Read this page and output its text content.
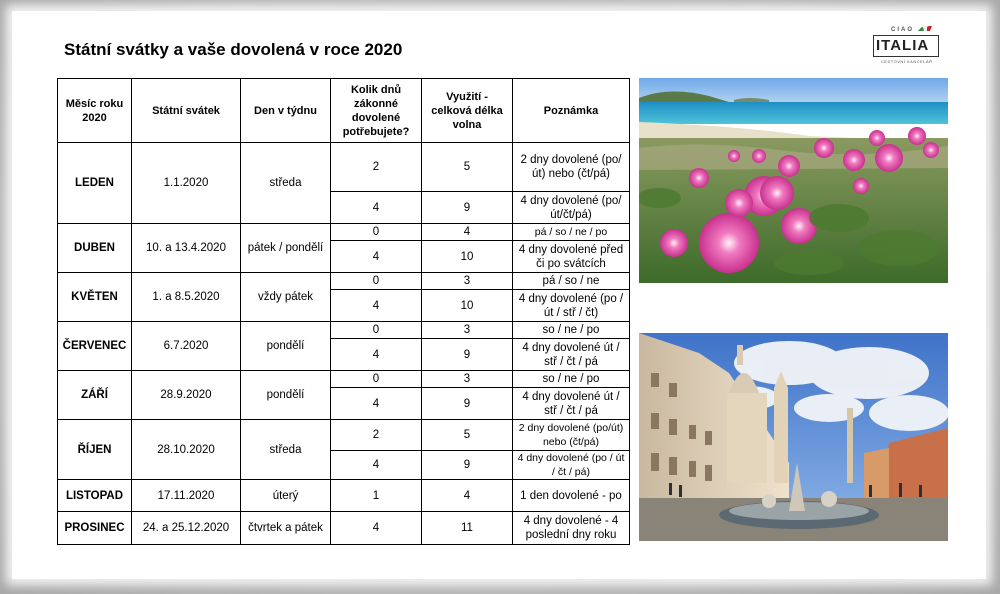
Státní svátky a vaše dovolená v roce 2020
CIAO
ITALIA
CESTOVNÍ KANCELÁŘ
Měsíc roku 2020	Státní svátek	Den v týdnu	Kolik dnů zákonné dovolené potřebujete?	Využití - celková délka volna	Poznámka
LEDEN	1.1.2020	středa	2	5	2 dny dovolené (po/út) nebo (čt/pá)
			4	9	4 dny dovolené (po/út/čt/pá)
DUBEN	10. a 13.4.2020	pátek / pondělí	0	4	pá / so / ne / po
			4	10	4 dny dovolené před či po svátcích
KVĚTEN	1. a 8.5.2020	vždy pátek	0	3	pá / so / ne
			4	10	4 dny dovolené (po / út / stř / čt)
ČERVENEC	6.7.2020	pondělí	0	3	so / ne / po
			4	9	4 dny dovolené út / stř / čt / pá
ZÁŘÍ	28.9.2020	pondělí	0	3	so / ne / po
			4	9	4 dny dovolené út / stř / čt / pá
ŘÍJEN	28.10.2020	středa	2	5	2 dny dovolené (po/út) nebo (čt/pá)
			4	9	4 dny dovolené (po / út / čt / pá)
LISTOPAD	17.11.2020	úterý	1	4	1 den dovolené - po
PROSINEC	24. a 25.12.2020	čtvrtek a pátek	4	11	4 dny dovolené - 4 poslední dny roku
